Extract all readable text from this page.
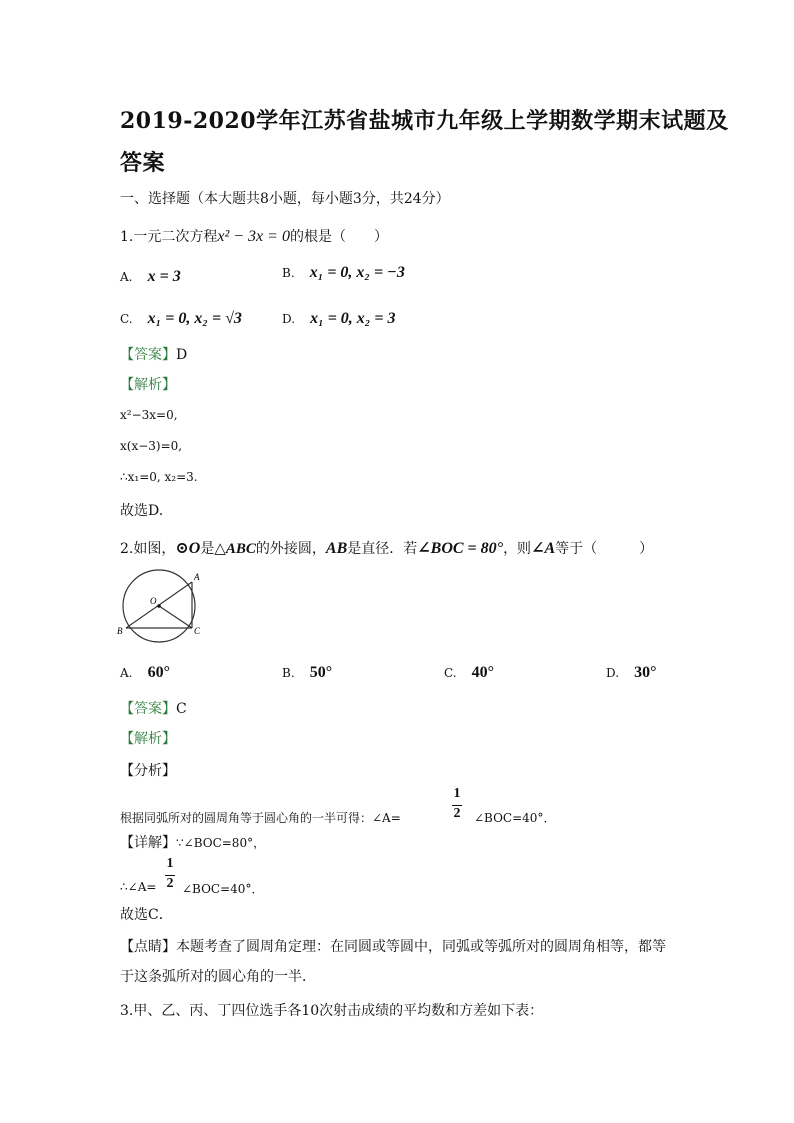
2019-2020学年江苏省盐城市九年级上学期数学期末试题及
答案
一、选择题（本大题共8小题，每小题3分，共24分）
1.一元二次方程x² − 3x = 0的根是（　　）
A. x = 3	B. x₁ = 0, x₂ = −3
C. x₁ = 0, x₂ = √3	D. x₁ = 0, x₂ = 3
【答案】D
【解析】
x²−3x=0,
x(x−3)=0,
∴x₁=0, x₂=3.
故选D.
2.如图，⊙O是△ABC的外接圆，AB是直径．若∠BOC = 80°，则∠A等于（　　　）
A
B	C
O
A. 60°	B. 50°	C. 40°	D. 30°
【答案】C
【解析】
【分析】
1
2
根据同弧所对的圆周角等于圆心角的一半可得：∠A=	∠BOC=40°．
【详解】∵∠BOC=80°，
1
2
∴∠A= ∠BOC=40°．
故选C．
【点睛】本题考查了圆周角定理：在同圆或等圆中，同弧或等弧所对的圆周角相等，都等
于这条弧所对的圆心角的一半．
3.甲、乙、丙、丁四位选手各10次射击成绩的平均数和方差如下表：
